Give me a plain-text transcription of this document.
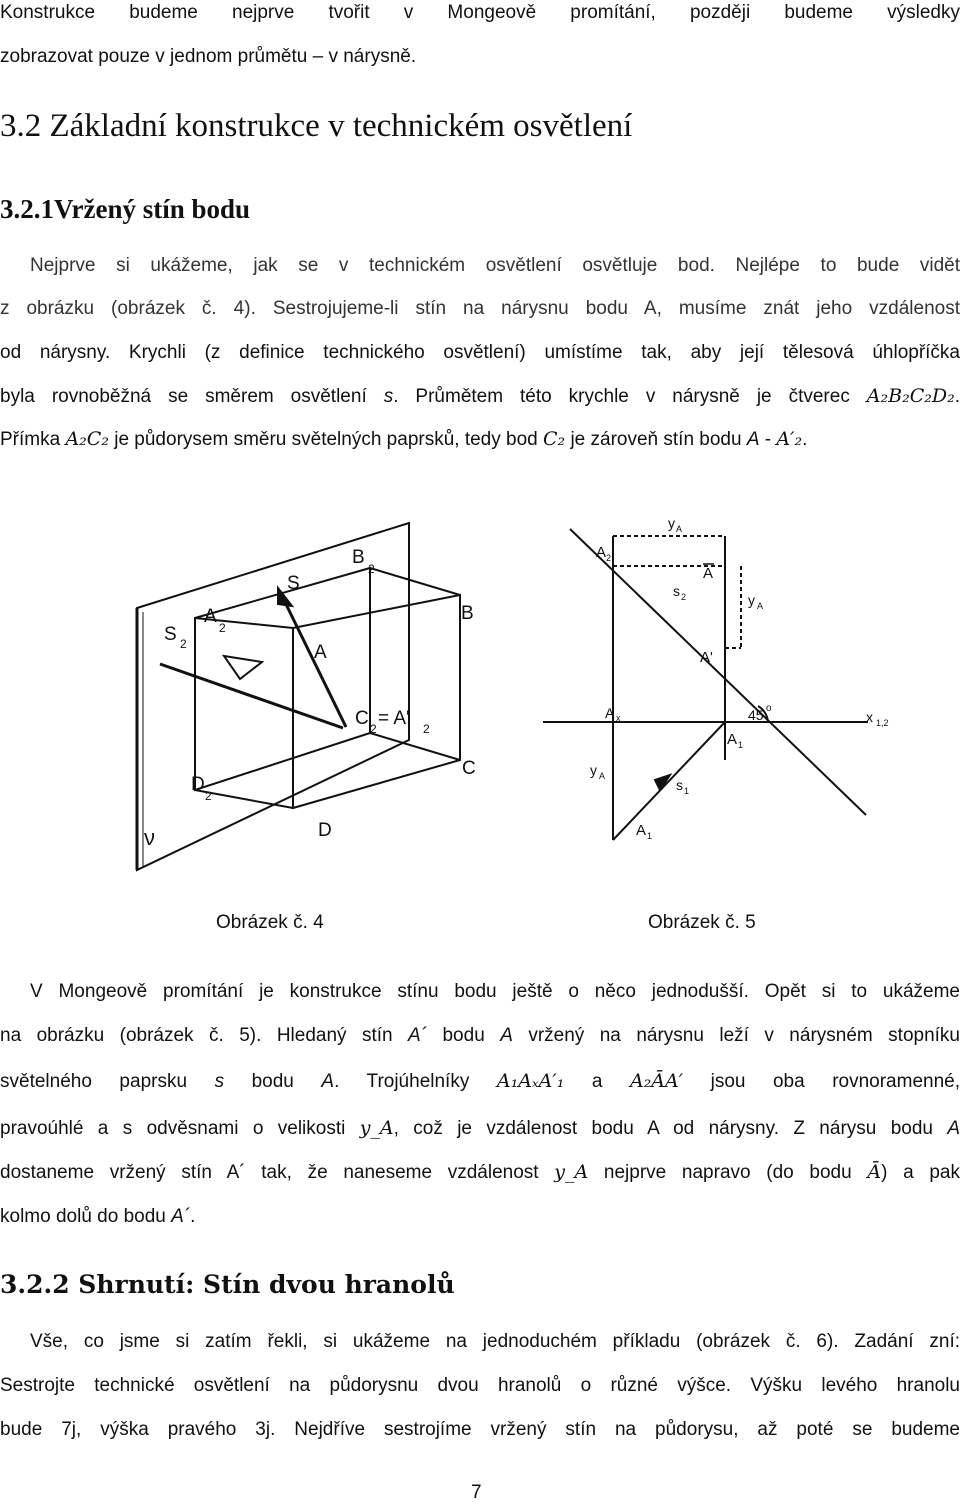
Konstrukce budeme nejprve tvořit v Mongeově promítání, později budeme výsledky
zobrazovat pouze v jednom průmětu – v nárysně.
3.2 Základní konstrukce v technickém osvětlení
3.2.1Vržený stín bodu
Nejprve si ukážeme, jak se v technickém osvětlení osvětluje bod. Nejlépe to bude vidět
z obrázku (obrázek č. 4). Sestrojujeme-li stín na nárysnu bodu A, musíme znát jeho vzdálenost
od nárysny. Krychli (z definice technického osvětlení) umístíme tak, aby její tělesová úhlopříčka
byla rovnoběžná se směrem osvětlení s. Průmětem této krychle v nárysně je čtverec A₂B₂C₂D₂.
Přímka A₂C₂ je půdorysem směru světelných paprsků, tedy bod C₂ je zároveň stín bodu A - A′₂.
S
S 2
A
2
B
2
B
A
C 2 = A' 2
C
D
2
D
ν
y A
A 2
A
s 2	y A
A'
A x	45 o
x 1,2
A 1
y A
s 1
A 1
Obrázek č. 4	Obrázek č. 5
V Mongeově promítání je konstrukce stínu bodu ještě o něco jednodušší. Opět si to ukážeme
na obrázku (obrázek č. 5). Hledaný stín A´ bodu A vržený na nárysnu leží v nárysném stopníku
světelného paprsku s bodu A. Trojúhelníky A₁AₓA′₁ a A₂ĀA′ jsou oba rovnoramenné,
pravoúhlé a s odvěsnami o velikosti y_A, což je vzdálenost bodu A od nárysny. Z nárysu bodu A
dostaneme vržený stín A´ tak, že naneseme vzdálenost y_A nejprve napravo (do bodu Ā) a pak
kolmo dolů do bodu A´.
3.2.2 Shrnutí: Stín dvou hranolů
Vše, co jsme si zatím řekli, si ukážeme na jednoduchém příkladu (obrázek č. 6). Zadání zní:
Sestrojte technické osvětlení na půdorysnu dvou hranolů o různé výšce. Výšku levého hranolu
bude 7j, výška pravého 3j. Nejdříve sestrojíme vržený stín na půdorysu, až poté se budeme
7
